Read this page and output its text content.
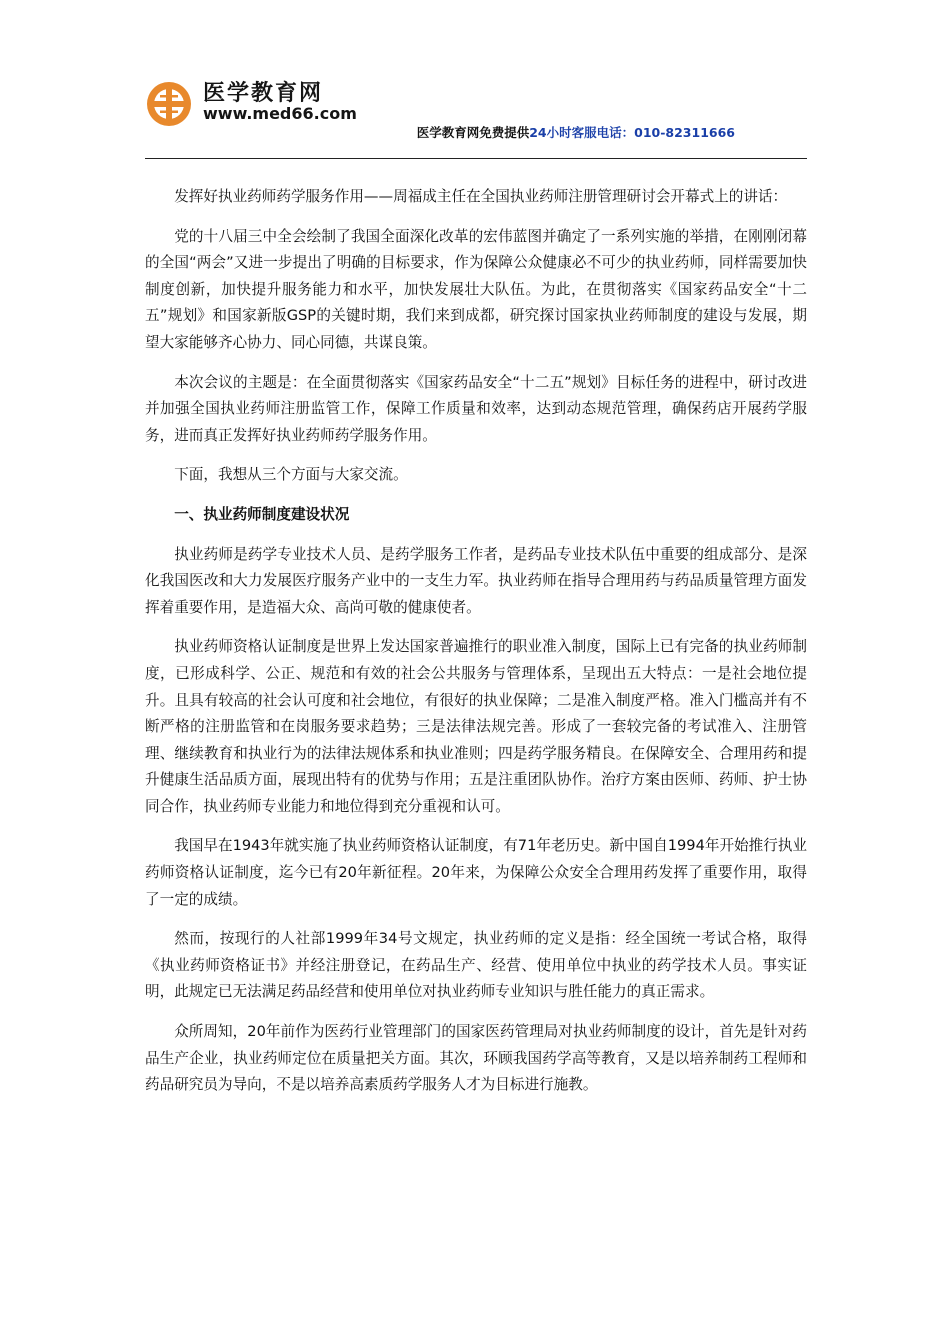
医学教育网
www.med66.com
医学教育网免费提供24小时客服电话：010-82311666

发挥好执业药师药学服务作用——周福成主任在全国执业药师注册管理研讨会开幕式上的讲话：

党的十八届三中全会绘制了我国全面深化改革的宏伟蓝图并确定了一系列实施的举措，在刚刚闭幕的全国“两会”又进一步提出了明确的目标要求，作为保障公众健康必不可少的执业药师，同样需要加快制度创新，加快提升服务能力和水平，加快发展壮大队伍。为此，在贯彻落实《国家药品安全“十二五”规划》和国家新版GSP的关键时期，我们来到成都，研究探讨国家执业药师制度的建设与发展，期望大家能够齐心协力、同心同德，共谋良策。

本次会议的主题是：在全面贯彻落实《国家药品安全“十二五”规划》目标任务的进程中，研讨改进并加强全国执业药师注册监管工作，保障工作质量和效率，达到动态规范管理，确保药店开展药学服务，进而真正发挥好执业药师药学服务作用。

下面，我想从三个方面与大家交流。

一、执业药师制度建设状况

执业药师是药学专业技术人员、是药学服务工作者，是药品专业技术队伍中重要的组成部分、是深化我国医改和大力发展医疗服务产业中的一支生力军。执业药师在指导合理用药与药品质量管理方面发挥着重要作用，是造福大众、高尚可敬的健康使者。

执业药师资格认证制度是世界上发达国家普遍推行的职业准入制度，国际上已有完备的执业药师制度，已形成科学、公正、规范和有效的社会公共服务与管理体系，呈现出五大特点：一是社会地位提升。且具有较高的社会认可度和社会地位，有很好的执业保障；二是准入制度严格。准入门槛高并有不断严格的注册监管和在岗服务要求趋势；三是法律法规完善。形成了一套较完备的考试准入、注册管理、继续教育和执业行为的法律法规体系和执业准则；四是药学服务精良。在保障安全、合理用药和提升健康生活品质方面，展现出特有的优势与作用；五是注重团队协作。治疗方案由医师、药师、护士协同合作，执业药师专业能力和地位得到充分重视和认可。

我国早在1943年就实施了执业药师资格认证制度，有71年老历史。新中国自1994年开始推行执业药师资格认证制度，迄今已有20年新征程。20年来，为保障公众安全合理用药发挥了重要作用，取得了一定的成绩。

然而，按现行的人社部1999年34号文规定，执业药师的定义是指：经全国统一考试合格，取得《执业药师资格证书》并经注册登记，在药品生产、经营、使用单位中执业的药学技术人员。事实证明，此规定已无法满足药品经营和使用单位对执业药师专业知识与胜任能力的真正需求。

众所周知，20年前作为医药行业管理部门的国家医药管理局对执业药师制度的设计，首先是针对药品生产企业，执业药师定位在质量把关方面。其次，环顾我国药学高等教育，又是以培养制药工程师和药品研究员为导向，不是以培养高素质药学服务人才为目标进行施教。
